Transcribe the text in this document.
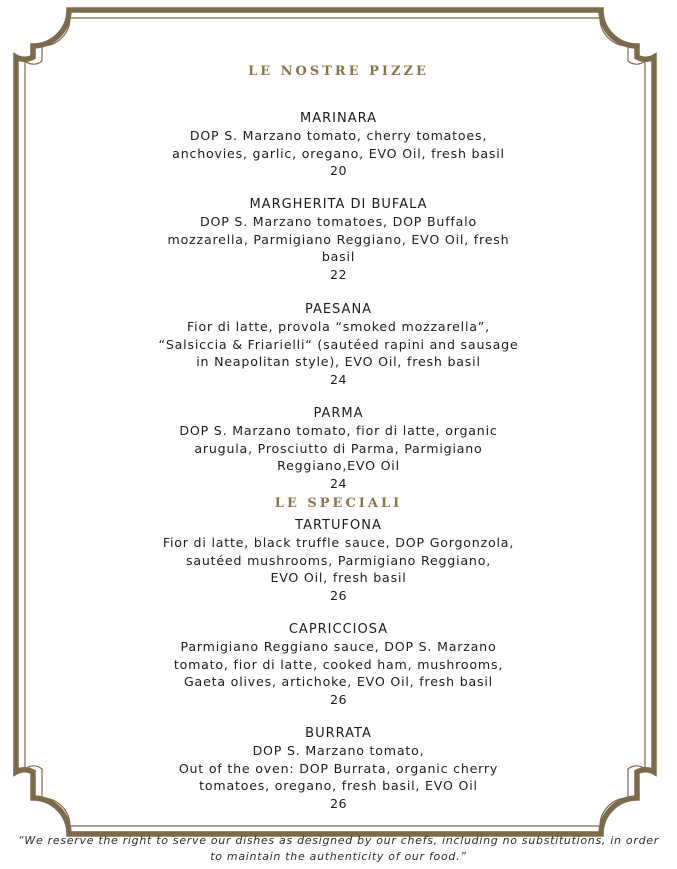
LE NOSTRE PIZZE

MARINARA

DOP S. Marzano tomato, cherry tomatoes,

anchovies, garlic, oregano, EVO Oil, fresh basil

20

MARGHERITA DI BUFALA

DOP S. Marzano tomatoes, DOP Buffalo

mozzarella, Parmigiano Reggiano, EVO Oil, fresh

basil

22

PAESANA

Fior di latte, provola “smoked mozzarella”,

“Salsiccia & Friarielli“ (sautéed rapini and sausage

in Neapolitan style), EVO Oil, fresh basil

24

PARMA

DOP S. Marzano tomato, fior di latte, organic

arugula, Prosciutto di Parma, Parmigiano

Reggiano,EVO Oil

24

LE SPECIALI

TARTUFONA

Fior di latte, black truffle sauce, DOP Gorgonzola,

sautéed mushrooms, Parmigiano Reggiano,

EVO Oil, fresh basil

26

CAPRICCIOSA

Parmigiano Reggiano sauce, DOP S. Marzano

tomato, fior di latte, cooked ham, mushrooms,

Gaeta olives, artichoke, EVO Oil, fresh basil

26

BURRATA

DOP S. Marzano tomato,

Out of the oven: DOP Burrata, organic cherry

tomatoes, oregano, fresh basil, EVO Oil

26

“We reserve the right to serve our dishes as designed by our chefs, including no substitutions, in order
to maintain the authenticity of our food.”
